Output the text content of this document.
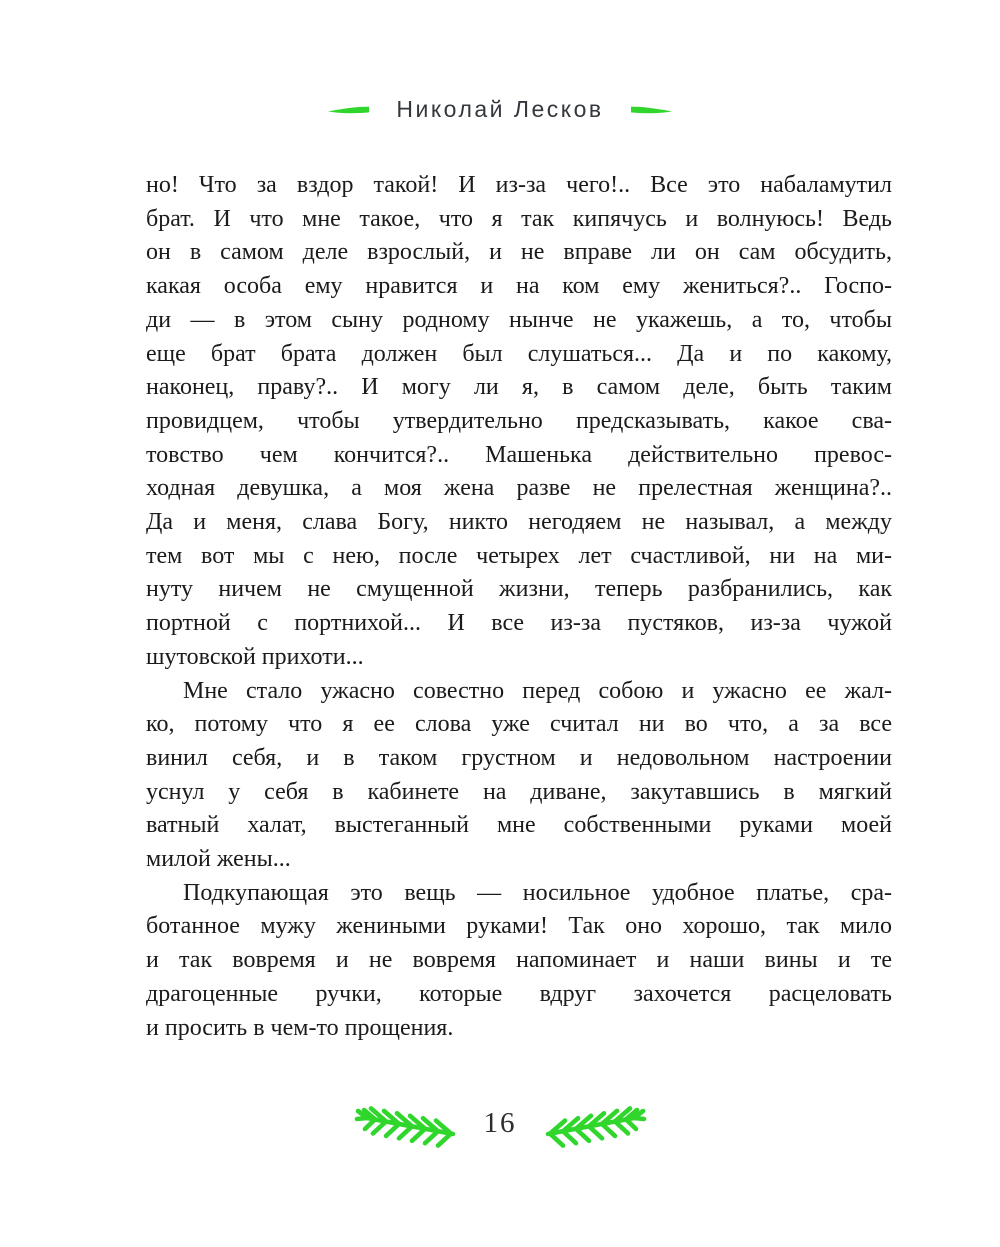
Николай Лесков
но! Что за вздор такой! И из-за чего!.. Все это набаламутил
брат. И что мне такое, что я так кипячусь и волнуюсь! Ведь
он в самом деле взрослый, и не вправе ли он сам обсудить,
какая особа ему нравится и на ком ему жениться?.. Госпо-
ди — в этом сыну родному нынче не укажешь, а то, чтобы
еще брат брата должен был слушаться... Да и по какому,
наконец, праву?.. И могу ли я, в самом деле, быть таким
провидцем, чтобы утвердительно предсказывать, какое сва-
товство чем кончится?.. Машенька действительно превос-
ходная девушка, а моя жена разве не прелестная женщина?..
Да и меня, слава Богу, никто негодяем не называл, а между
тем вот мы с нею, после четырех лет счастливой, ни на ми-
нуту ничем не смущенной жизни, теперь разбранились, как
портной с портнихой... И все из-за пустяков, из-за чужой
шутовской прихоти...
Мне стало ужасно совестно перед собою и ужасно ее жал-
ко, потому что я ее слова уже считал ни во что, а за все
винил себя, и в таком грустном и недовольном настроении
уснул у себя в кабинете на диване, закутавшись в мягкий
ватный халат, выстеганный мне собственными руками моей
милой жены...
Подкупающая это вещь — носильное удобное платье, сра-
ботанное мужу жениными руками! Так оно хорошо, так мило
и так вовремя и не вовремя напоминает и наши вины и те
драгоценные ручки, которые вдруг захочется расцеловать
и просить в чем-то прощения.
16
